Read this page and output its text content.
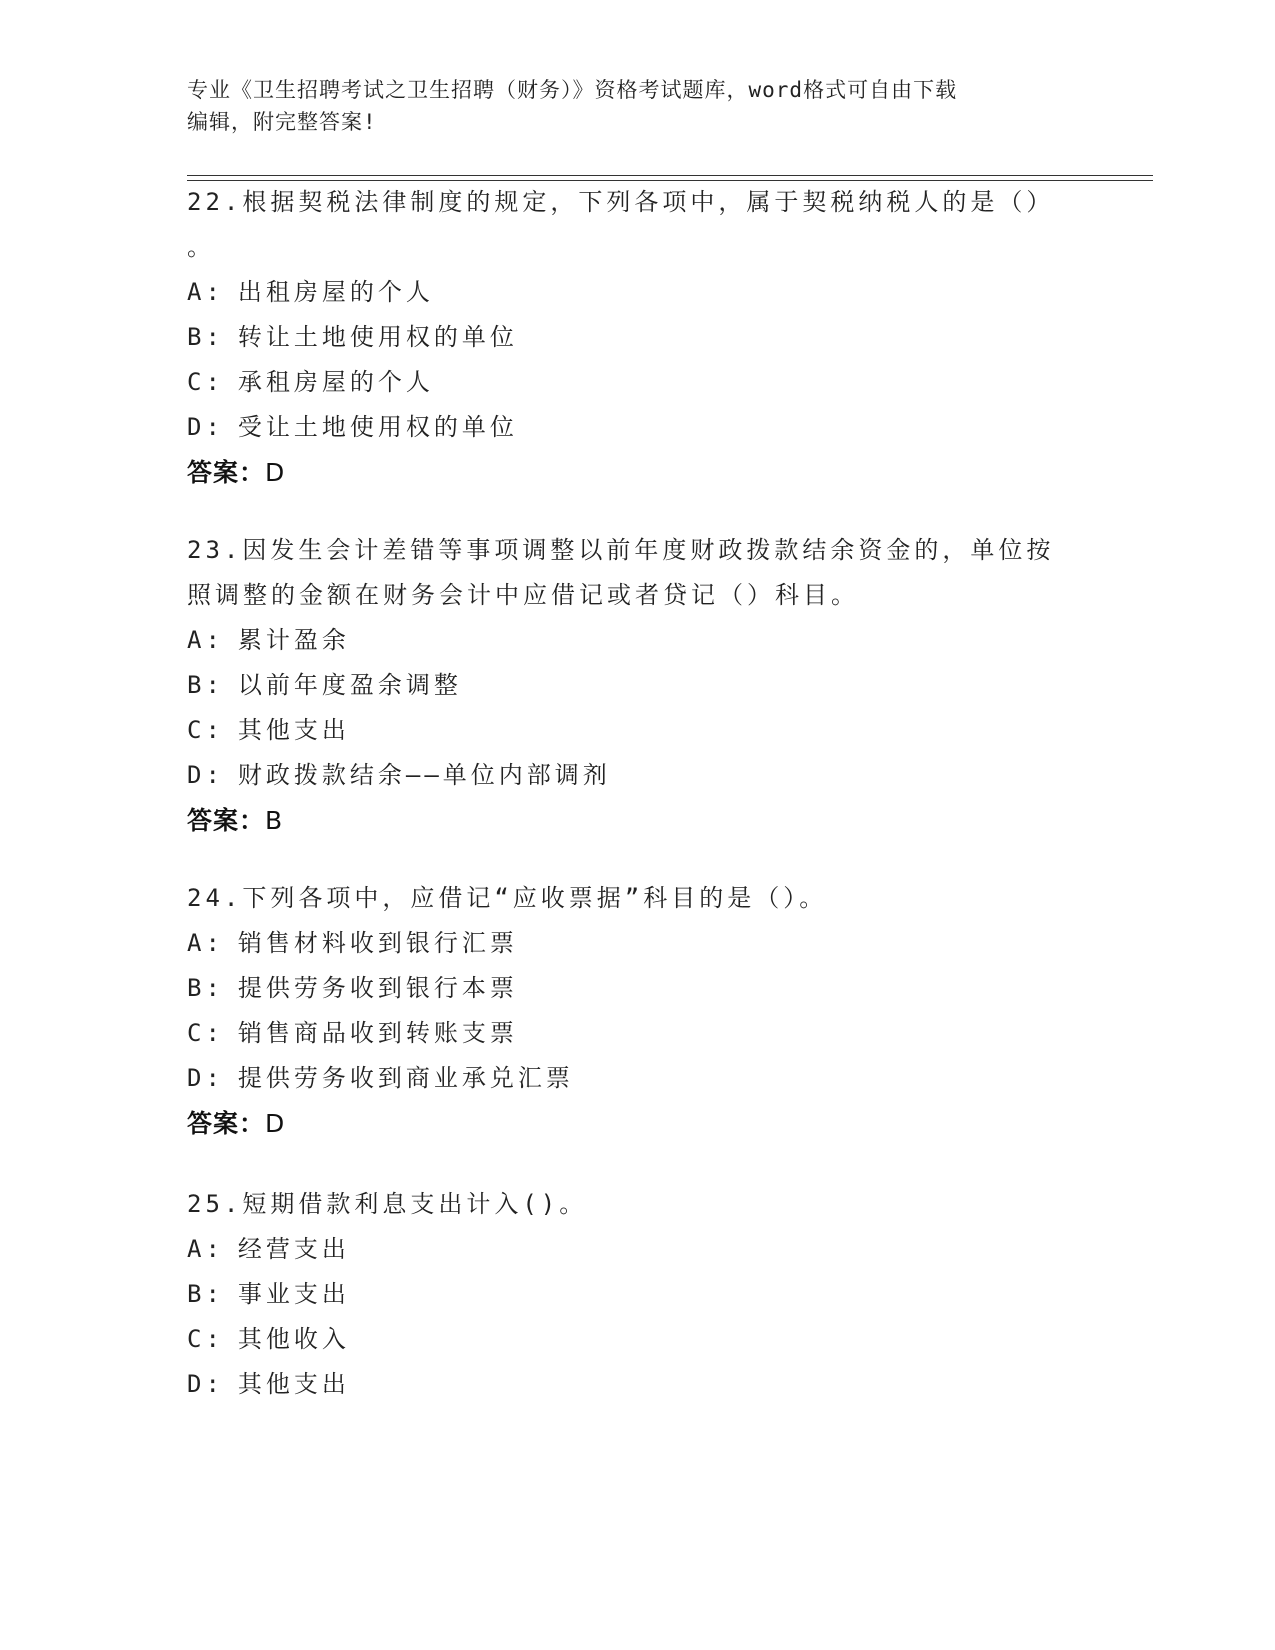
专业《卫生招聘考试之卫生招聘（财务）》资格考试题库，word格式可自由下载
编辑，附完整答案!
22.根据契税法律制度的规定，下列各项中，属于契税纳税人的是（）
。
A: 出租房屋的个人
B: 转让土地使用权的单位
C: 承租房屋的个人
D: 受让土地使用权的单位
答案：D
23.因发生会计差错等事项调整以前年度财政拨款结余资金的，单位按
照调整的金额在财务会计中应借记或者贷记（）科目。
A: 累计盈余
B: 以前年度盈余调整
C: 其他支出
D: 财政拨款结余——单位内部调剂
答案：B
24.下列各项中，应借记“应收票据”科目的是（）。
A: 销售材料收到银行汇票
B: 提供劳务收到银行本票
C: 销售商品收到转账支票
D: 提供劳务收到商业承兑汇票
答案：D
25.短期借款利息支出计入()。
A: 经营支出
B: 事业支出
C: 其他收入
D: 其他支出
